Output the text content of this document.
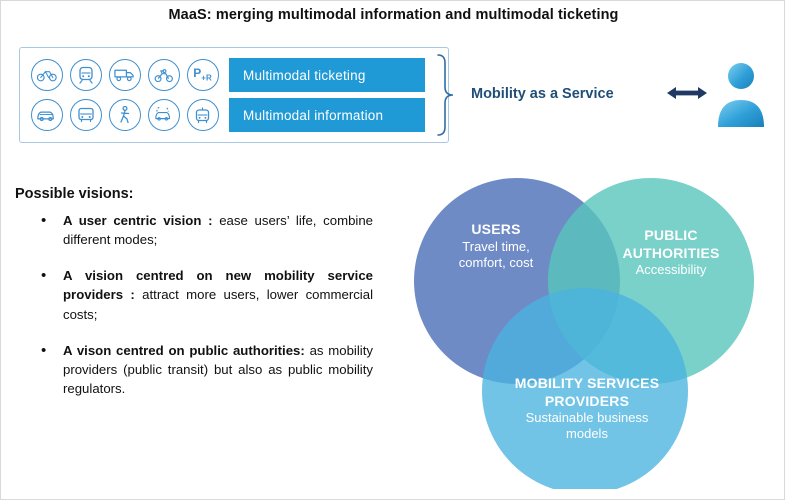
MaaS: merging multimodal information and multimodal ticketing
$P_{+R}$	Multimodal ticketing
Multimodal information
Mobility as a Service
Possible visions:
• A user centric vision : ease users’ life, combine different modes;
• A vision centred on new mobility service providers : attract more users, lower commercial costs;
• A vison centred on public authorities: as mobility providers (public transit) but also as public mobility regulators.
USERS
Travel time,
comfort, cost
PUBLIC
AUTHORITIES
Accessibility
MOBILITY SERVICES
PROVIDERS
Sustainable business
models
